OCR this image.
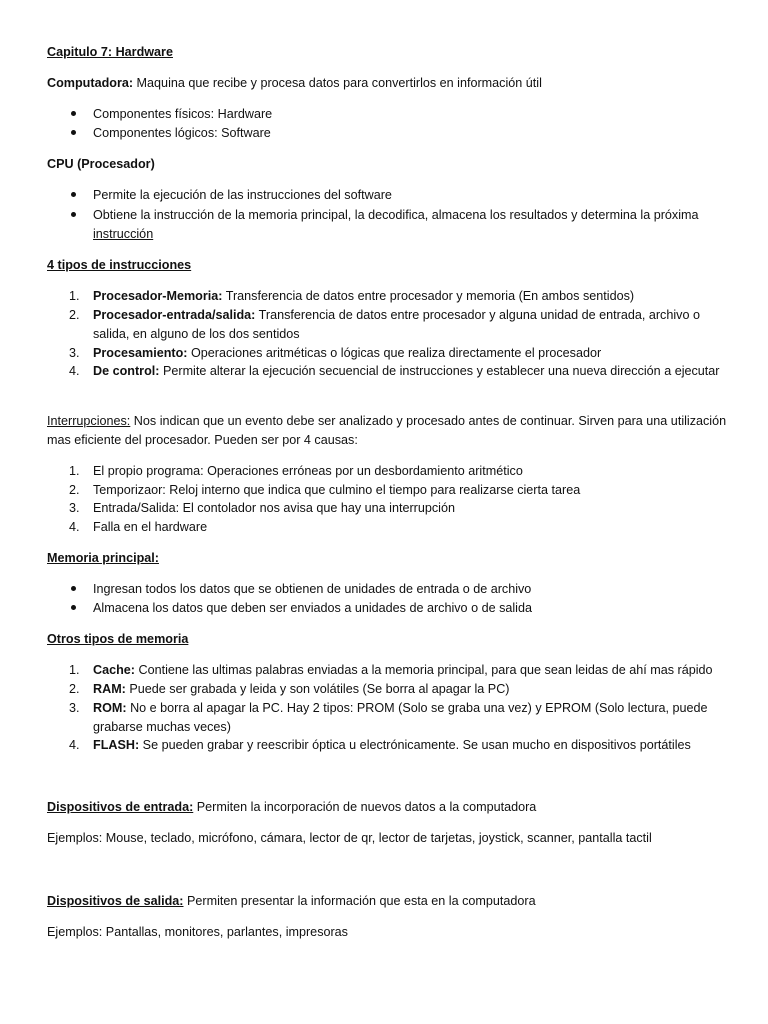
Capitulo 7: Hardware
Computadora: Maquina que recibe y procesa datos para convertirlos en información útil
Componentes físicos: Hardware
Componentes lógicos: Software
CPU (Procesador)
Permite la ejecución de las instrucciones del software
Obtiene la instrucción de la memoria principal, la decodifica, almacena los resultados y determina la próxima
instrucción
4 tipos de instrucciones
1. Procesador-Memoria: Transferencia de datos entre procesador y memoria (En ambos sentidos)
2. Procesador-entrada/salida: Transferencia de datos entre procesador y alguna unidad de entrada, archivo o salida, en alguno de los dos sentidos
3. Procesamiento: Operaciones aritméticas o lógicas que realiza directamente el procesador
4. De control: Permite alterar la ejecución secuencial de instrucciones y establecer una nueva dirección a ejecutar
Interrupciones: Nos indican que un evento debe ser analizado y procesado antes de continuar. Sirven para una utilización mas eficiente del procesador. Pueden ser por 4 causas:
1. El propio programa: Operaciones erróneas por un desbordamiento aritmético
2. Temporizaor: Reloj interno que indica que culmino el tiempo para realizarse cierta tarea
3. Entrada/Salida: El contolador nos avisa que hay una interrupción
4. Falla en el hardware
Memoria principal:
Ingresan todos los datos que se obtienen de unidades de entrada o de archivo
Almacena los datos que deben ser enviados a unidades de archivo o de salida
Otros tipos de memoria
1. Cache: Contiene las ultimas palabras enviadas a la memoria principal, para que sean leidas de ahí mas rápido
2. RAM: Puede ser grabada y leida y son volátiles (Se borra al apagar la PC)
3. ROM: No e borra al apagar la PC. Hay 2 tipos: PROM (Solo se graba una vez) y EPROM (Solo lectura, puede grabarse muchas veces)
4. FLASH: Se pueden grabar y reescribir óptica u electrónicamente. Se usan mucho en dispositivos portátiles
Dispositivos de entrada: Permiten la incorporación de nuevos datos a la computadora
Ejemplos: Mouse, teclado, micrófono, cámara, lector de qr, lector de tarjetas, joystick, scanner, pantalla tactil
Dispositivos de salida: Permiten presentar la información que esta en la computadora
Ejemplos: Pantallas, monitores, parlantes, impresoras
